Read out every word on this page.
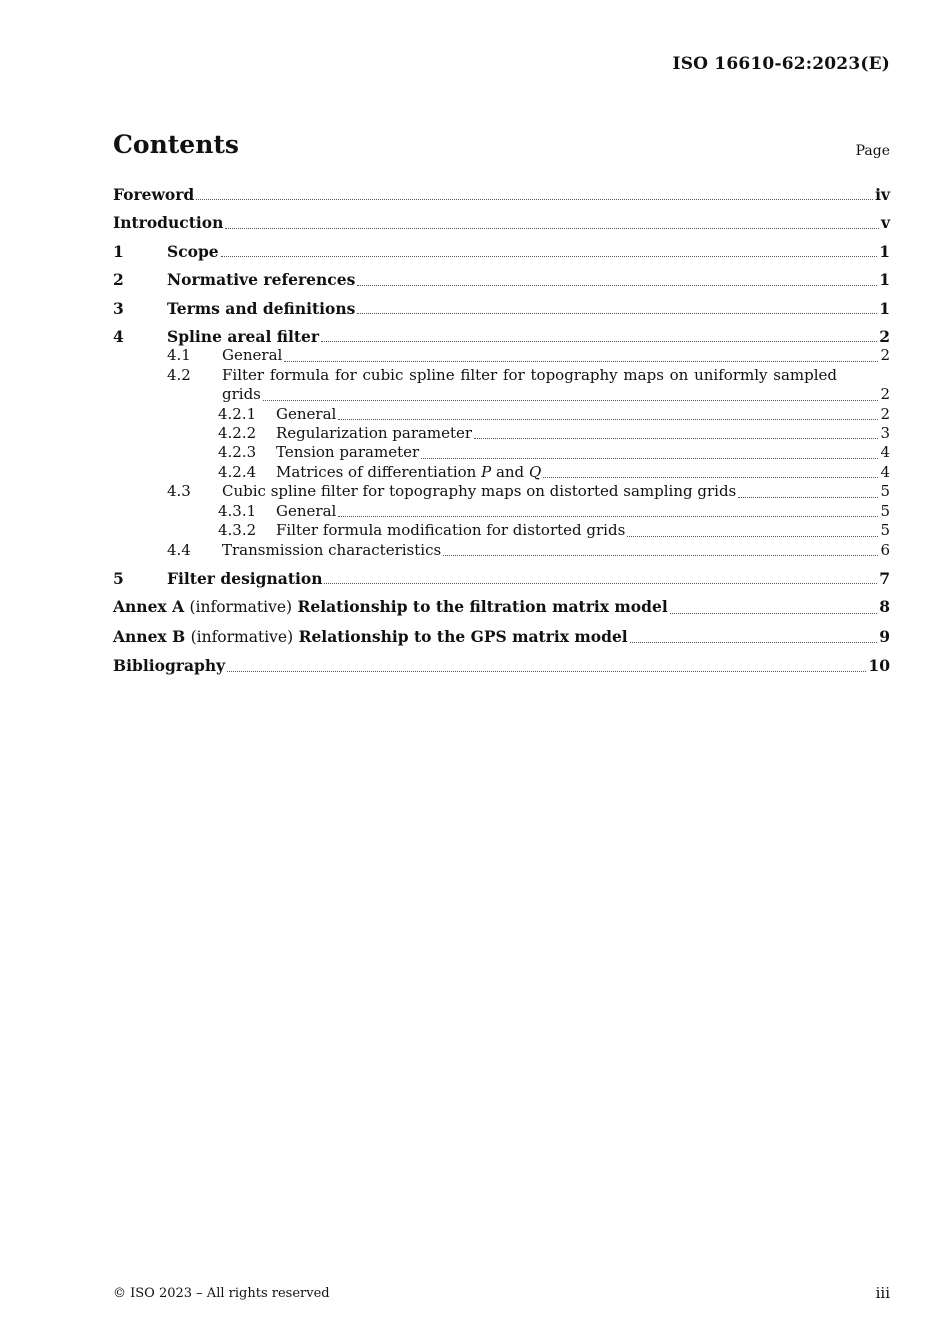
ISO 16610-62:2023(E)
Contents	Page
Foreword	iv
Introduction	v
1	Scope	1
2	Normative references	1
3	Terms and definitions	1
4	Spline areal filter	2
4.1	General	2
4.2	Filter formula for cubic spline filter for topography maps on uniformly sampled
grids	2
4.2.1	General	2
4.2.2	Regularization parameter	3
4.2.3	Tension parameter	4
4.2.4	Matrices of differentiation P and Q	4
4.3	Cubic spline filter for topography maps on distorted sampling grids	5
4.3.1	General	5
4.3.2	Filter formula modification for distorted grids	5
4.4	Transmission characteristics	6
5	Filter designation	7
Annex A (informative) Relationship to the filtration matrix model	8
Annex B (informative) Relationship to the GPS matrix model	9
Bibliography	10
© ISO 2023 – All rights reserved	iii
